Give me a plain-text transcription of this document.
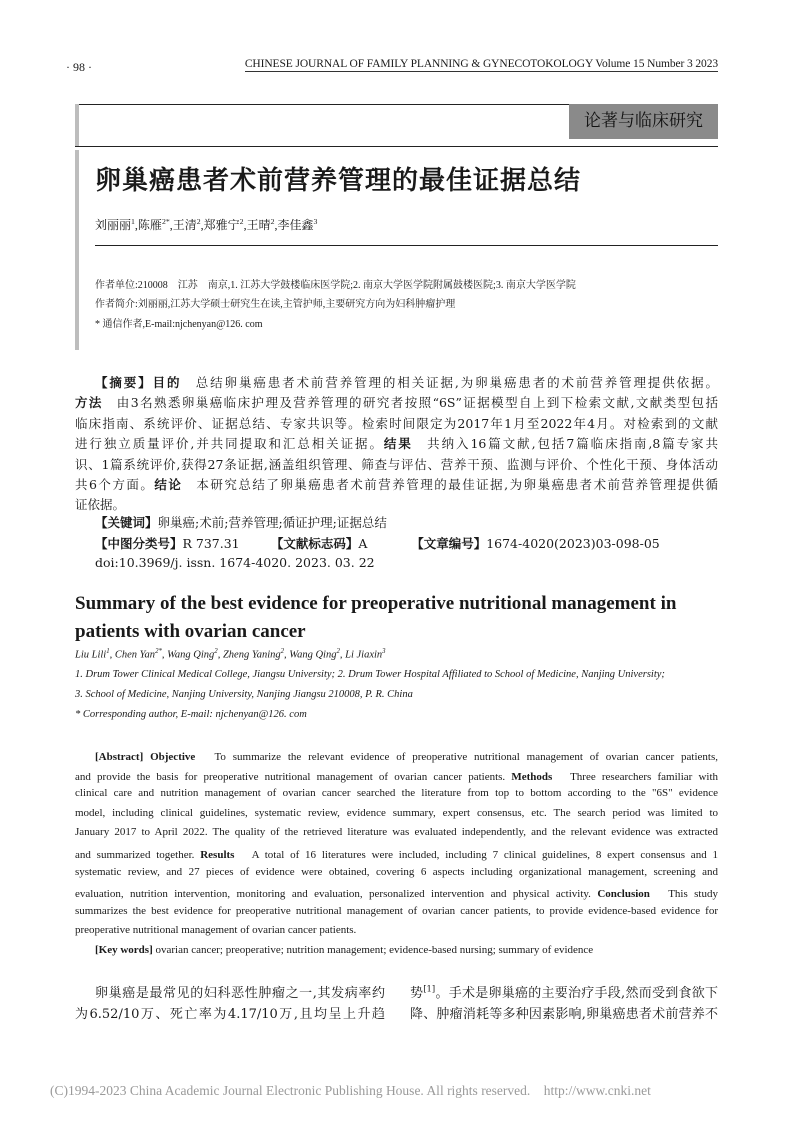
· 98 ·	CHINESE JOURNAL OF FAMILY PLANNING & GYNECOTOKOLOGY Volume 15 Number 3 2023
论著与临床研究
卵巢癌患者术前营养管理的最佳证据总结
刘丽丽$^1$,陈雁$^{2*}$,王清$^2$,郑雅宁$^2$,王晴$^2$,李佳鑫$^3$
作者单位:210008　江苏　南京,1. 江苏大学鼓楼临床医学院;2. 南京大学医学院附属鼓楼医院;3. 南京大学医学院
作者简介:刘丽丽,江苏大学硕士研究生在读,主管护师,主要研究方向为妇科肿瘤护理
* 通信作者,E-mail:njchenyan@126. com
【摘要】目的　总结卵巢癌患者术前营养管理的相关证据,为卵巢癌患者的术前营养管理提供依据。
方法　由3名熟悉卵巢癌临床护理及营养管理的研究者按照“6S”证据模型自上到下检索文献,文献类型包括
临床指南、系统评价、证据总结、专家共识等。检索时间限定为2017年1月至2022年4月。对检索到的文献
进行独立质量评价,并共同提取和汇总相关证据。结果　共纳入16篇文献,包括7篇临床指南,8篇专家共
识、1篇系统评价,获得27条证据,涵盖组织管理、筛查与评估、营养干预、监测与评价、个性化干预、身体活动
共6个方面。结论　本研究总结了卵巢癌患者术前营养管理的最佳证据,为卵巢癌患者术前营养管理提供循
证依据。
【关键词】卵巢癌;术前;营养管理;循证护理;证据总结
【中图分类号】R 737.31　　　【文献标志码】A　　　　【文章编号】1674-4020(2023)03-098-05
doi:10.3969/j. issn. 1674-4020. 2023. 03. 22
Summary of the best evidence for preoperative nutritional management in
patients with ovarian cancer
Liu Lili$^1$, Chen Yan$^{2*}$, Wang Qing$^2$, Zheng Yaning$^2$, Wang Qing$^2$, Li Jiaxin$^3$
1. Drum Tower Clinical Medical College, Jiangsu University; 2. Drum Tower Hospital Affiliated to School of Medicine, Nanjing University;
3. School of Medicine, Nanjing University, Nanjing Jiangsu 210008, P. R. China
* Corresponding author, E-mail: njchenyan@126. com
[Abstract] Objective　To summarize the relevant evidence of preoperative nutritional management of ovarian cancer patients,
and provide the basis for preoperative nutritional management of ovarian cancer patients. Methods　Three researchers familiar with
clinical care and nutrition management of ovarian cancer searched the literature from top to bottom according to the "6S" evidence
model, including clinical guidelines, systematic review, evidence summary, expert consensus, etc. The search period was limited to
January 2017 to April 2022. The quality of the retrieved literature was evaluated independently, and the relevant evidence was extracted
and summarized together. Results　A total of 16 literatures were included, including 7 clinical guidelines, 8 expert consensus and 1
systematic review, and 27 pieces of evidence were obtained, covering 6 aspects including organizational management, screening and
evaluation, nutrition intervention, monitoring and evaluation, personalized intervention and physical activity. Conclusion　This study
summarizes the best evidence for preoperative nutritional management of ovarian cancer patients, to provide evidence-based evidence for
preoperative nutritional management of ovarian cancer patients.
[Key words] ovarian cancer; preoperative; nutrition management; evidence-based nursing; summary of evidence
卵巢癌是最常见的妇科恶性肿瘤之一,其发病率约
为6.52/10万、死亡率为4.17/10万,且均呈上升趋
势[1]。手术是卵巢癌的主要治疗手段,然而受到食欲下
降、肿瘤消耗等多种因素影响,卵巢癌患者术前营养不
(C)1994-2023 China Academic Journal Electronic Publishing House. All rights reserved.    http://www.cnki.net
